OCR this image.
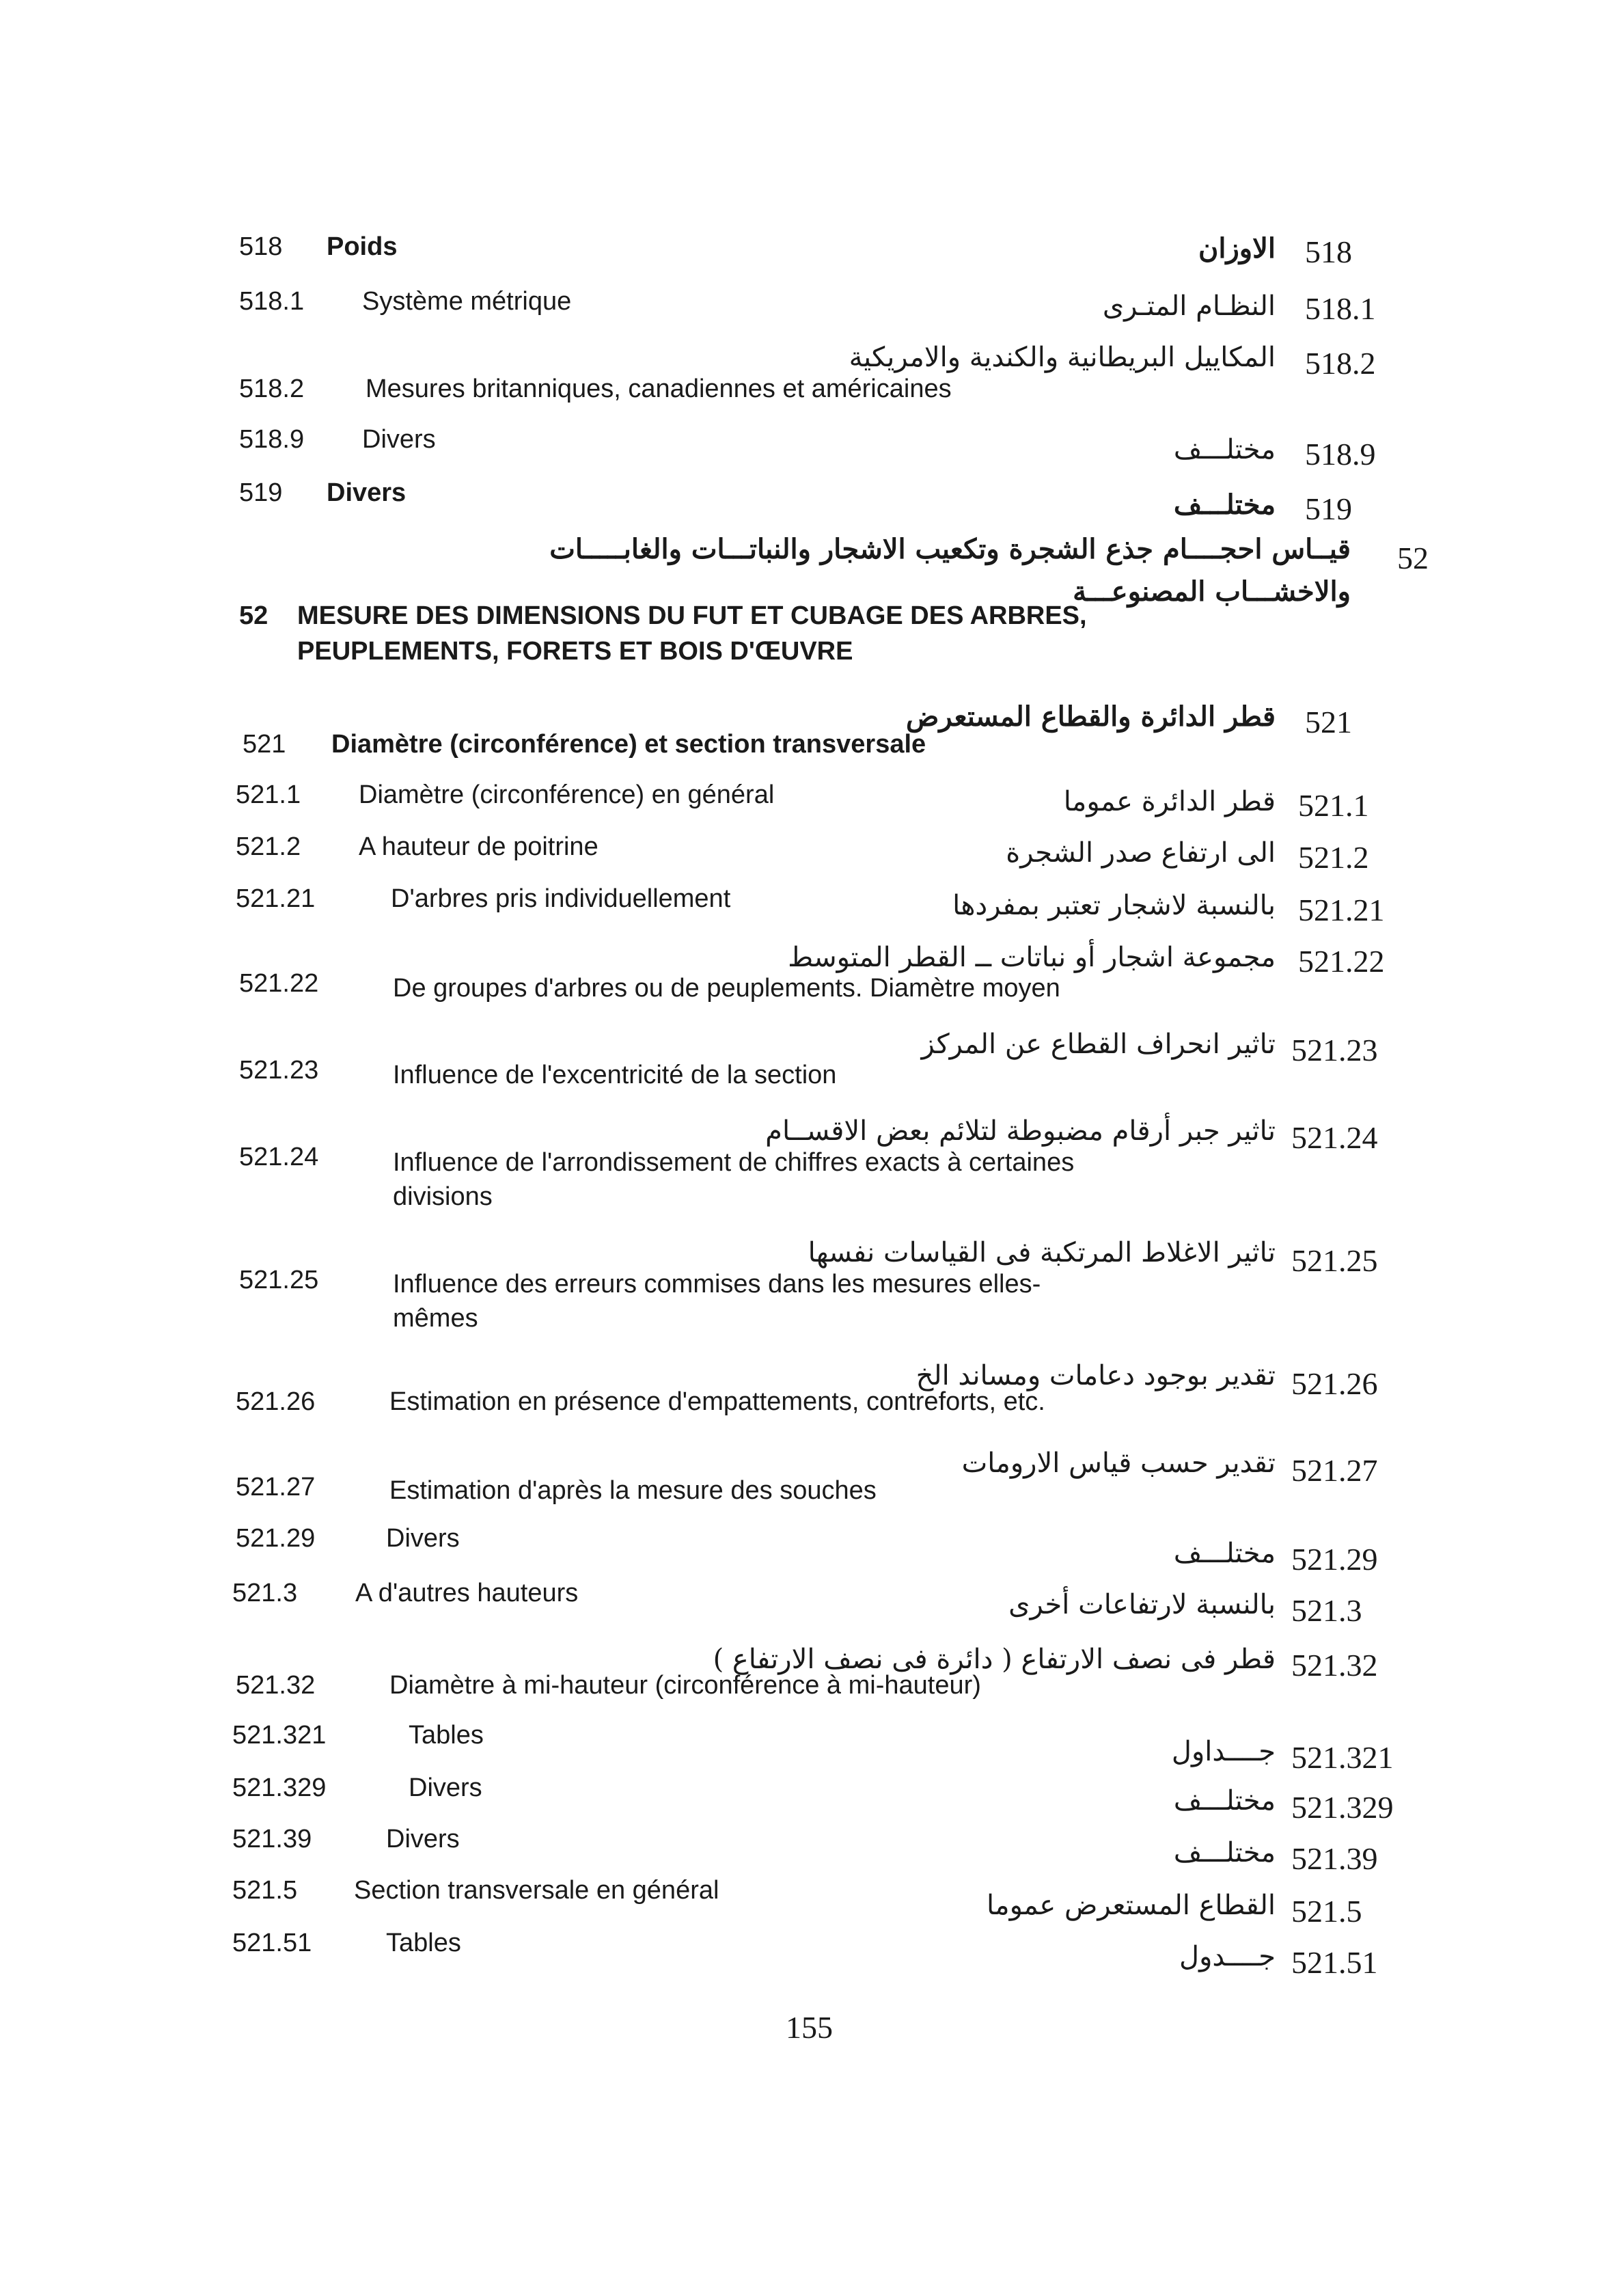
518 Poids	الاوزان 518
518.1 Système métrique	النظـام المتـرى 518.1
المكاييل البريطانية والكندية والامريكية 518.2
518.2 Mesures britanniques, canadiennes et américaines
518.9 Divers	مختلـــف 518.9
519 Divers	مختلـــف 519
قيــاس احجــــام جذع الشجرة وتكعيب الاشجار والنباتـــات والغابـــــات 52
والاخشـــاب المصنوعـــة
52 MESURE DES DIMENSIONS DU FUT ET CUBAGE DES ARBRES,
PEUPLEMENTS, FORETS ET BOIS D'ŒUVRE
قطر الدائرة والقطاع المستعرض 521
521 Diamètre (circonférence) et section transversale
521.1 Diamètre (circonférence) en général	قطر الدائرة عموما 521.1
521.2 A hauteur de poitrine	الى ارتفاع صدر الشجرة 521.2
521.21	D'arbres pris individuellement	بالنسبة لاشجار تعتبر بمفردها 521.21
مجموعة اشجار أو نباتات ــ القطر المتوسط 521.22
521.22	De groupes d'arbres ou de peuplements. Diamètre moyen
تاثير انحراف القطاع عن المركز 521.23
521.23	Influence de l'excentricité de la section
تاثير جبر أرقام مضبوطة لتلائم بعض الاقســام 521.24
521.24	Influence de l'arrondissement de chiffres exacts à certaines
divisions
تاثير الاغلاط المرتكبة فى القياسات نفسها 521.25
521.25	Influence des erreurs commises dans les mesures elles-
mêmes
تقدير بوجود دعامات ومساند الخ 521.26
521.26	Estimation en présence d'empattements, contreforts, etc.
تقدير حسب قياس الارومات 521.27
521.27	Estimation d'après la mesure des souches
521.29	Divers	مختلـــف 521.29
521.3 A d'autres hauteurs	بالنسبة لارتفاعات أخرى 521.3
قطر فى نصف الارتفاع ( دائرة فى نصف الارتفاع ) 521.32
521.32	Diamètre à mi-hauteur (circonférence à mi-hauteur)
521.321	Tables
جــــداول 521.321
521.329	Divers	مختلـــف 521.329
521.39	Divers	مختلـــف 521.39
521.5 Section transversale en général	القطاع المستعرض عموما 521.5
521.51	Tables	جــــدول 521.51
155
